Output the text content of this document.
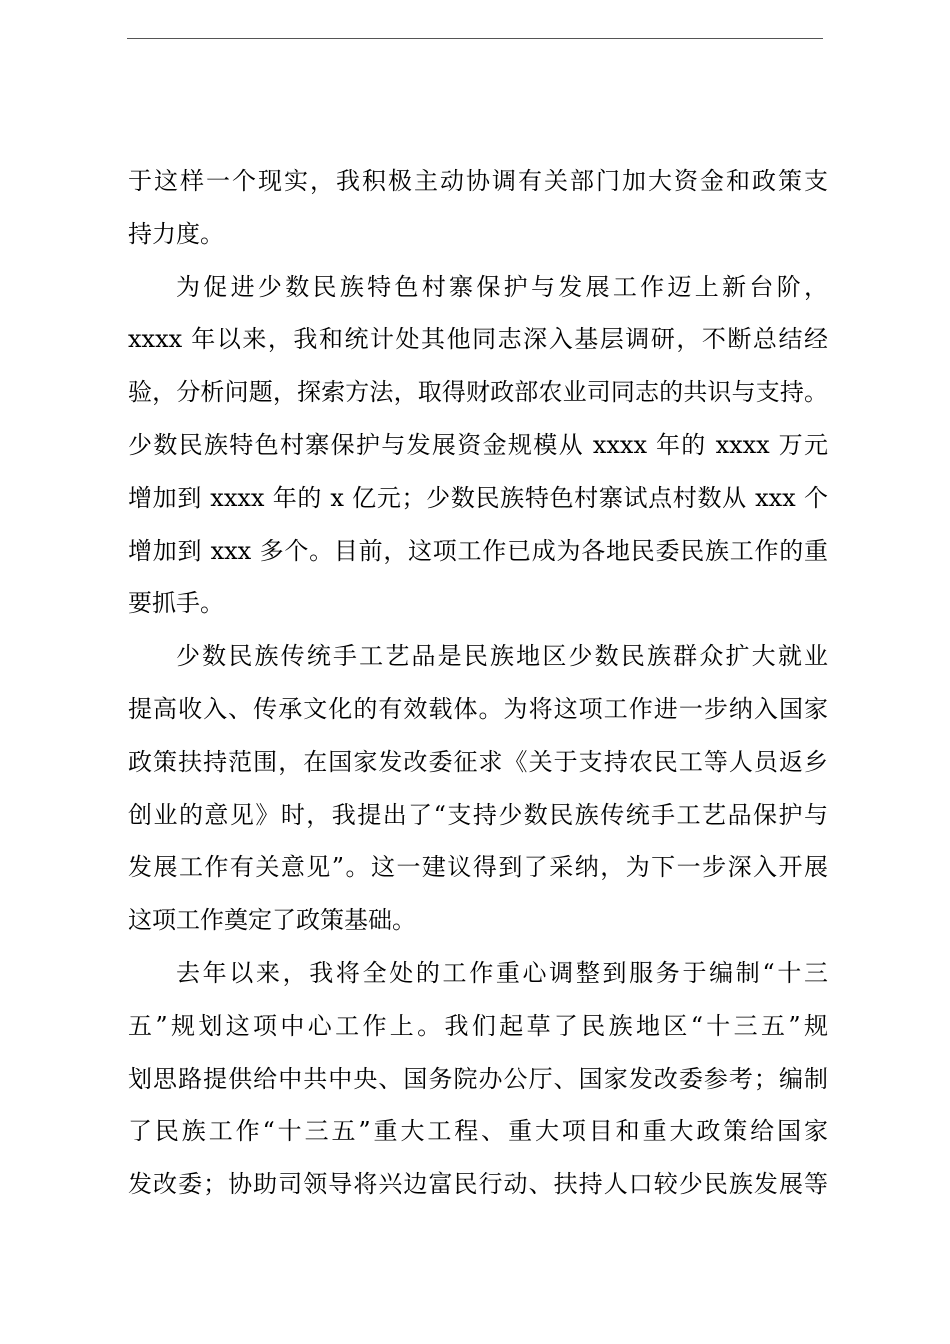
于这样一个现实，我积极主动协调有关部门加大资金和政策支
持力度。
为促进少数民族特色村寨保护与发展工作迈上新台阶，
xxxx 年以来，我和统计处其他同志深入基层调研，不断总结经
验，分析问题，探索方法，取得财政部农业司同志的共识与支持。
少数民族特色村寨保护与发展资金规模从 xxxx 年的 xxxx 万元
增加到 xxxx 年的 x 亿元；少数民族特色村寨试点村数从 xxx 个
增加到 xxx 多个。目前，这项工作已成为各地民委民族工作的重
要抓手。
少数民族传统手工艺品是民族地区少数民族群众扩大就业
提高收入、传承文化的有效载体。为将这项工作进一步纳入国家
政策扶持范围，在国家发改委征求《关于支持农民工等人员返乡
创业的意见》时，我提出了“支持少数民族传统手工艺品保护与
发展工作有关意见”。这一建议得到了采纳，为下一步深入开展
这项工作奠定了政策基础。
去年以来，我将全处的工作重心调整到服务于编制“十三
五”规划这项中心工作上。我们起草了民族地区“十三五”规
划思路提供给中共中央、国务院办公厅、国家发改委参考；编制
了民族工作“十三五”重大工程、重大项目和重大政策给国家
发改委；协助司领导将兴边富民行动、扶持人口较少民族发展等
